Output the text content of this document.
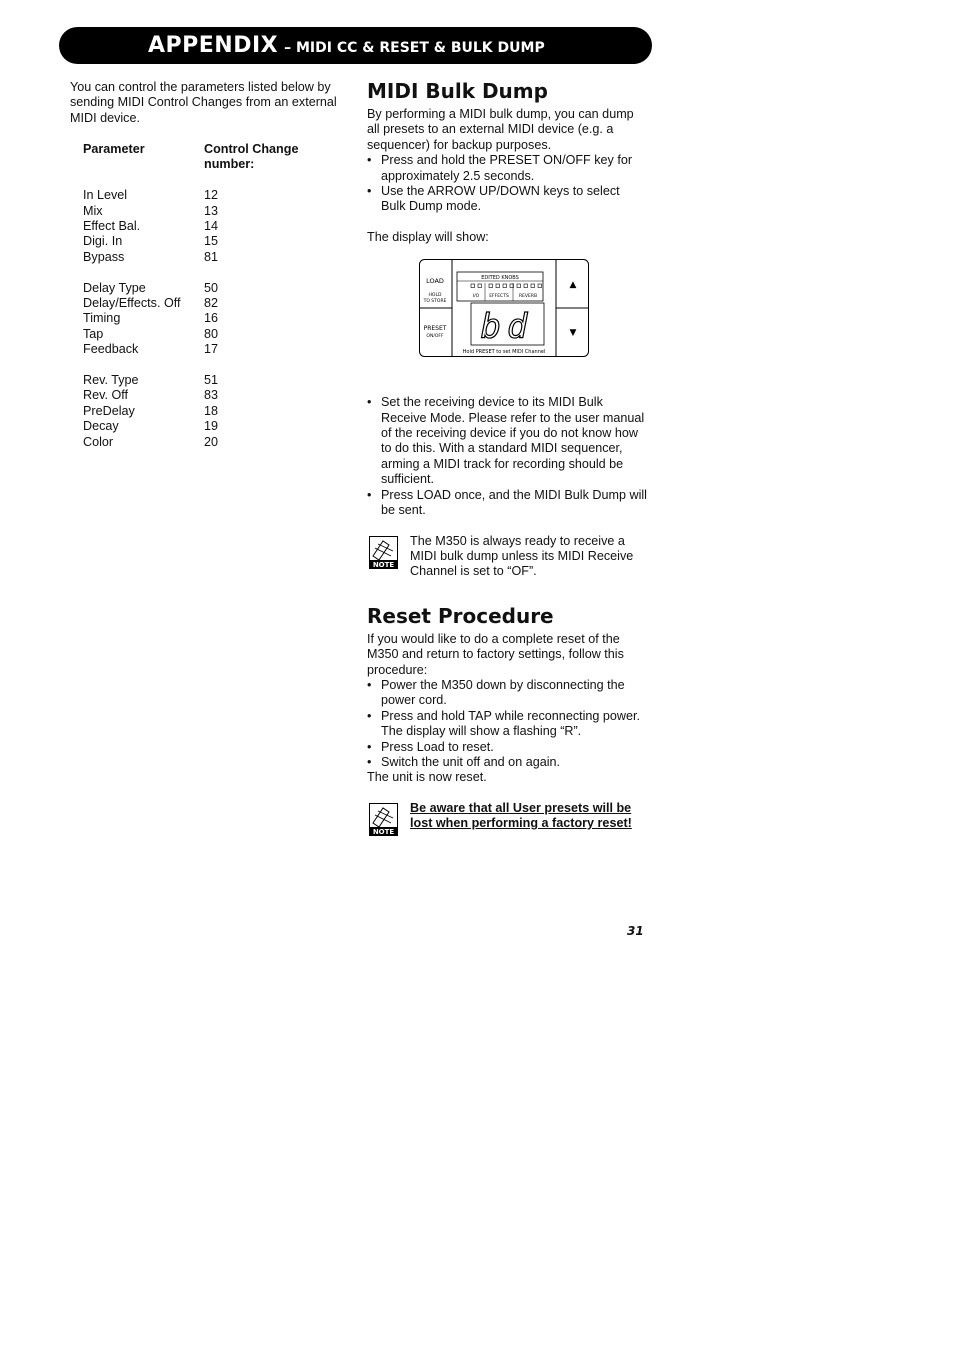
APPENDIX – MIDI CC & RESET & BULK DUMP

You can control the parameters listed below by sending MIDI Control Changes from an external MIDI device.

Parameter	Control Change number:

In Level	12
Mix	13
Effect Bal.	14
Digi. In	15
Bypass	81

Delay Type	50
Delay/Effects. Off	82
Timing	16
Tap	80
Feedback	17

Rev. Type	51
Rev. Off	83
PreDelay	18
Decay	19
Color	20
MIDI Bulk Dump

By performing a MIDI bulk dump, you can dump all presets to an external MIDI device (e.g. a sequencer) for backup purposes.

• Press and hold the PRESET ON/OFF key for approximately 2.5 seconds.
• Use the ARROW UP/DOWN keys to select Bulk Dump mode.

The display will show:

LOAD
HOLD
TO STORE
PRESET
ON/OFF
EDITED KNOBS
I/O EFFECTS REVERB
bd
Hold PRESET to set MIDI Channel
▲
▼
• Set the receiving device to its MIDI Bulk Receive Mode. Please refer to the user manual of the receiving device if you do not know how to do this. With a standard MIDI sequencer, arming a MIDI track for recording should be sufficient.
• Press LOAD once, and the MIDI Bulk Dump will be sent.
NOTE

The M350 is always ready to receive a MIDI bulk dump unless its MIDI Receive Channel is set to “OF”.

Reset Procedure

If you would like to do a complete reset of the M350 and return to factory settings, follow this procedure:

• Power the M350 down by disconnecting the power cord.
• Press and hold TAP while reconnecting power. The display will show a flashing “R”.
• Press Load to reset.
• Switch the unit off and on again.

The unit is now reset.

NOTE

Be aware that all User presets will be lost when performing a factory reset!

31
